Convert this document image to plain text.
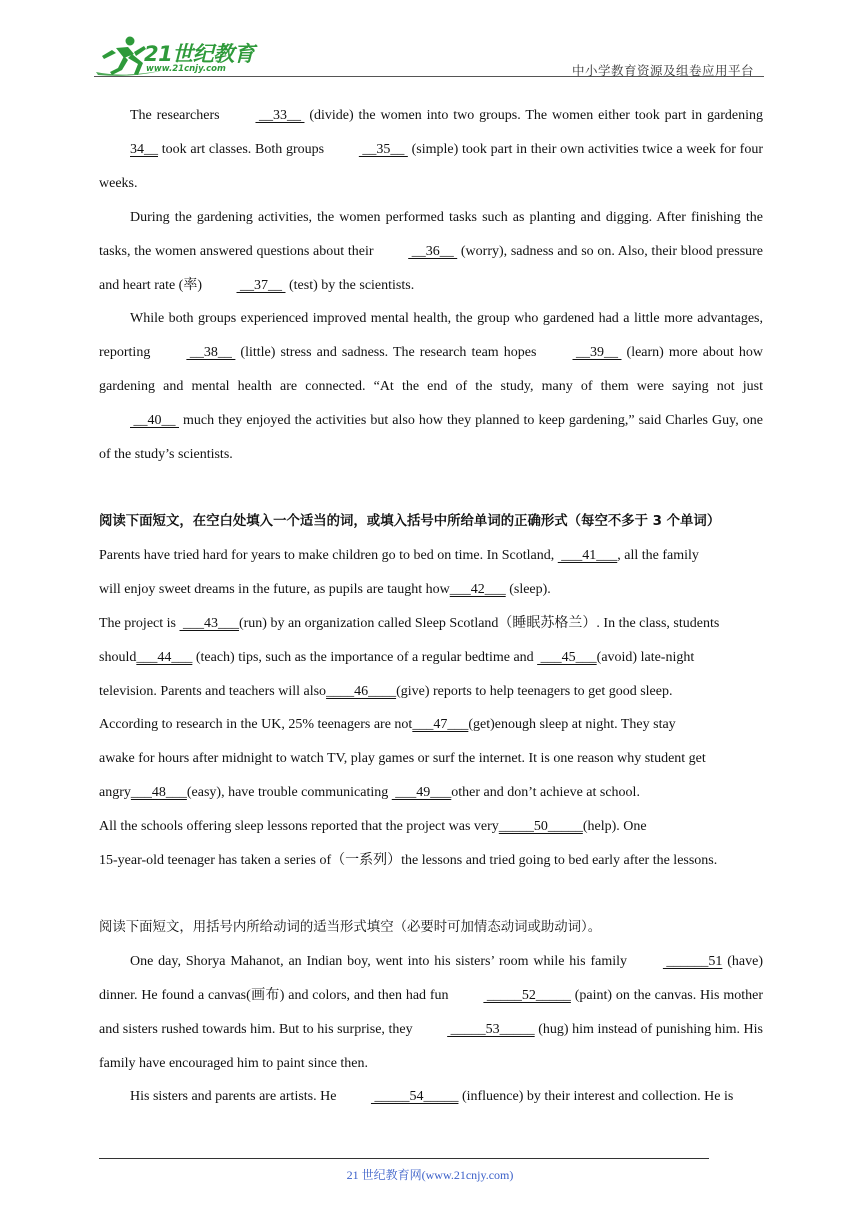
21世纪教育
www.21cnjy.com	中小学教育资源及组卷应用平台

The researchers  __33__  (divide) the women into two groups. The women either took part in gardening 34__ took art classes. Both groups  __35__  (simple) took part in their own activities twice a week for four weeks.

During the gardening activities, the women performed tasks such as planting and digging. After finishing the tasks, the women answered questions about their  __36__  (worry), sadness and so on. Also, their blood pressure and heart rate (率)  __37__  (test) by the scientists.

While both groups experienced improved mental health, the group who gardened had a little more advantages, reporting  __38__  (little) stress and sadness. The research team hopes  __39__  (learn) more about how gardening and mental health are connected. “At the end of the study, many of them were saying not just  __40__  much they enjoyed the activities but also how they planned to keep gardening,” said Charles Guy, one of the study’s scientists.

阅读下面短文，在空白处填入一个适当的词，或填入括号中所给单词的正确形式（每空不多于 3 个单词）

Parents have tried hard for years to make children go to bed on time. In Scotland,  ___41___, all the family

will enjoy sweet dreams in the future, as pupils are taught how___42___ (sleep).

The project is  ___43___(run) by an organization called Sleep Scotland（睡眠苏格兰）. In the class, students

should___44___ (teach) tips, such as the importance of a regular bedtime and  ___45___(avoid) late-night

television. Parents and teachers will also____46____(give) reports to help teenagers to get good sleep.

According to research in the UK, 25% teenagers are not___47___(get)enough sleep at night. They stay

awake for hours after midnight to watch TV, play games or surf the internet. It is one reason why student get

angry___48___(easy), have trouble communicating  ___49___other and don’t achieve at school.

All the schools offering sleep lessons reported that the project was very_____50_____(help). One

15-year-old teenager has taken a series of（一系列）the lessons and tried going to bed early after the lessons.

阅读下面短文，用括号内所给动词的适当形式填空（必要时可加情态动词或助动词）。

One day, Shorya Mahanot, an Indian boy, went into his sisters’ room while his family  ______51 (have) dinner. He found a canvas(画布) and colors, and then had fun  _____52_____ (paint) on the canvas. His mother and sisters rushed towards him. But to his surprise, they  _____53_____ (hug) him instead of punishing him. His family have encouraged him to paint since then.

His sisters and parents are artists. He  _____54_____ (influence) by their interest and collection. He is

21 世纪教育网(www.21cnjy.com)
